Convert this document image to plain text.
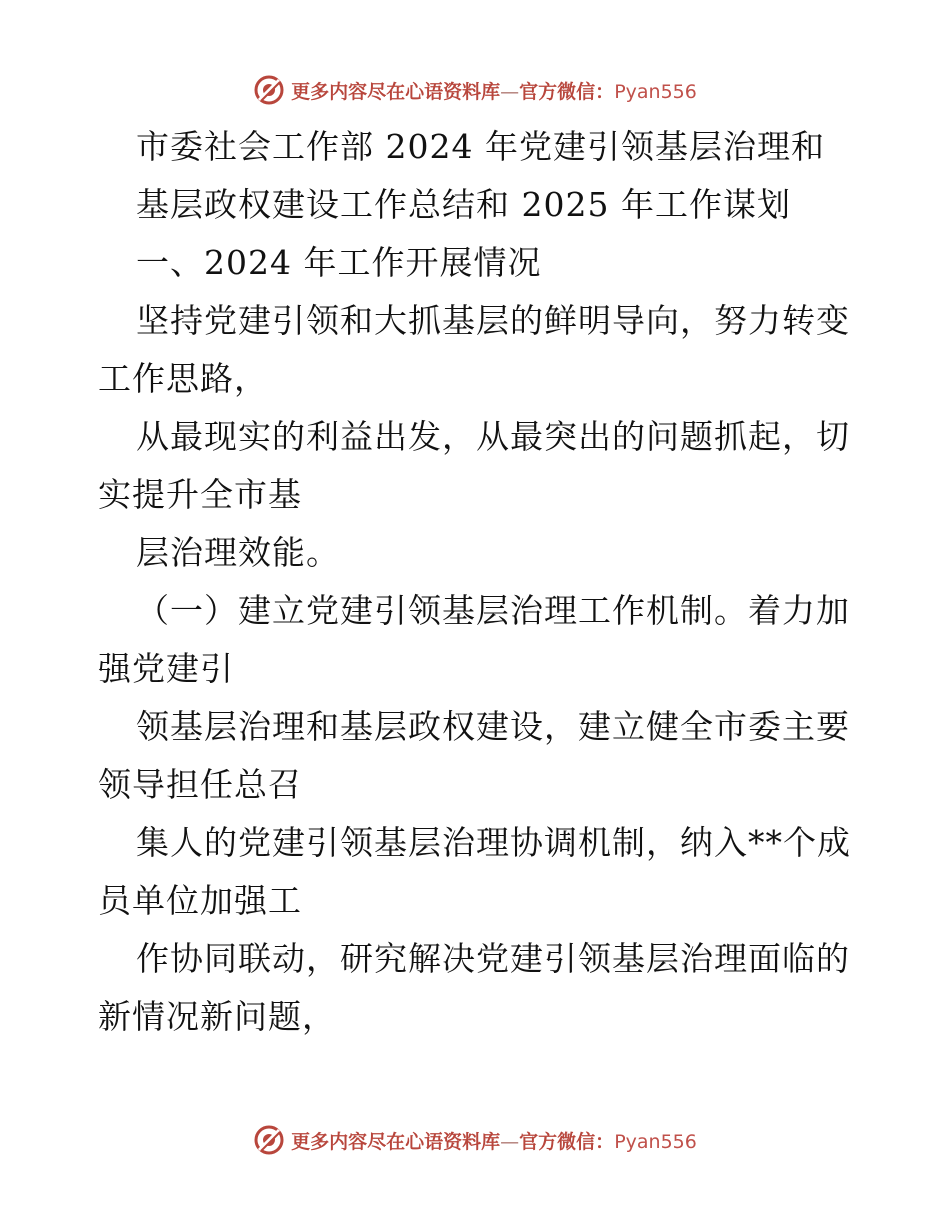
更多内容尽在心语资料库—官方微信：Pyan556
市委社会工作部 2024 年党建引领基层治理和
基层政权建设工作总结和 2025 年工作谋划
一、2024 年工作开展情况
坚持党建引领和大抓基层的鲜明导向，努力转变
工作思路，
从最现实的利益出发，从最突出的问题抓起，切
实提升全市基
层治理效能。
（一）建立党建引领基层治理工作机制。着力加
强党建引
领基层治理和基层政权建设，建立健全市委主要
领导担任总召
集人的党建引领基层治理协调机制，纳入**个成
员单位加强工
作协同联动，研究解决党建引领基层治理面临的
新情况新问题，
更多内容尽在心语资料库—官方微信：Pyan556
